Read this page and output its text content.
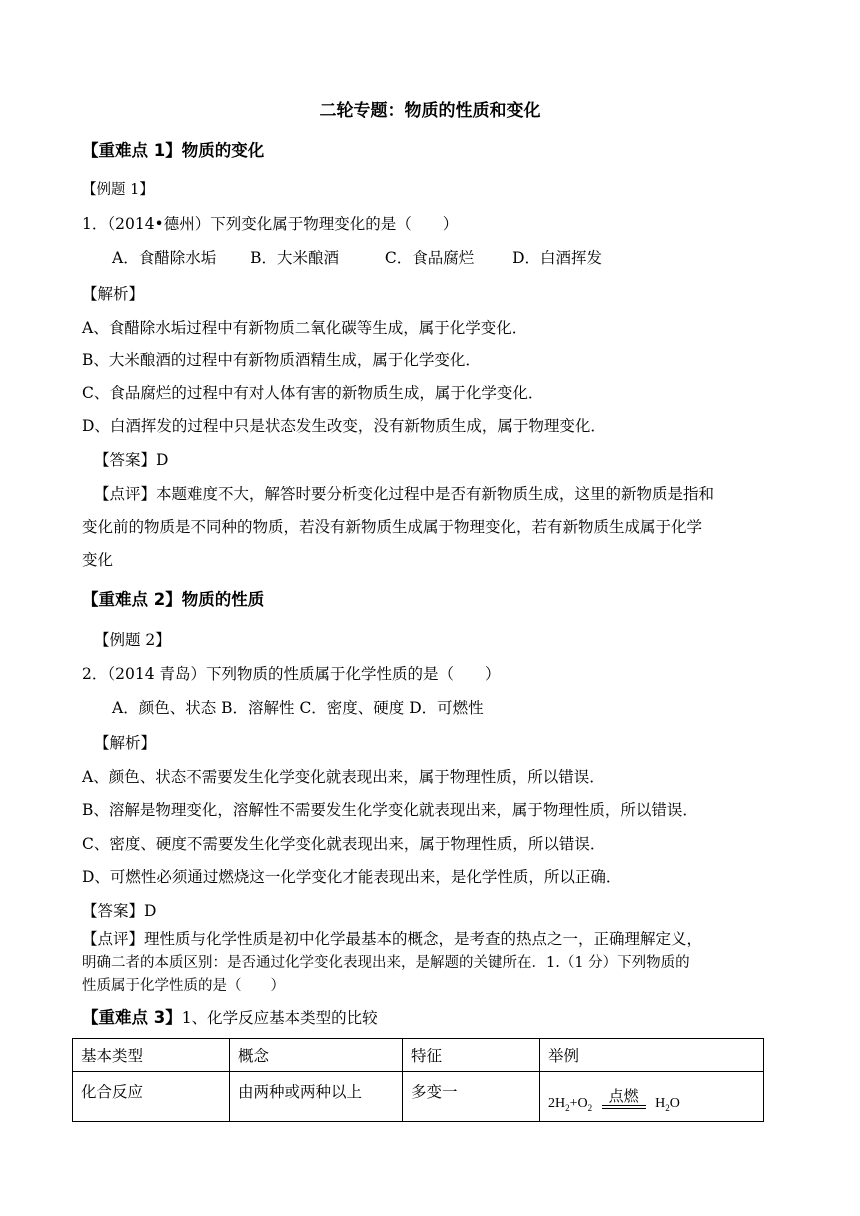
二轮专题：物质的性质和变化
【重难点 1】物质的变化
【例题 1】
1．（2014•德州）下列变化属于物理变化的是（　　）
A．食醋除水垢 B．大米酿酒	C．食品腐烂 D．白酒挥发
【解析】
A、食醋除水垢过程中有新物质二氧化碳等生成，属于化学变化．
B、大米酿酒的过程中有新物质酒精生成，属于化学变化．
C、食品腐烂的过程中有对人体有害的新物质生成，属于化学变化．
D、白酒挥发的过程中只是状态发生改变，没有新物质生成，属于物理变化．
【答案】D
【点评】本题难度不大，解答时要分析变化过程中是否有新物质生成，这里的新物质是指和
变化前的物质是不同种的物质，若没有新物质生成属于物理变化，若有新物质生成属于化学
变化
【重难点 2】物质的性质
【例题 2】
2．（2014 青岛）下列物质的性质属于化学性质的是（　　）
A．颜色、状态 B．溶解性 C．密度、硬度 D．可燃性
【解析】
A、颜色、状态不需要发生化学变化就表现出来，属于物理性质，所以错误．
B、溶解是物理变化，溶解性不需要发生化学变化就表现出来，属于物理性质，所以错误．
C、密度、硬度不需要发生化学变化就表现出来，属于物理性质，所以错误．
D、可燃性必须通过燃烧这一化学变化才能表现出来，是化学性质，所以正确．
【答案】D
【点评】理性质与化学性质是初中化学最基本的概念，是考查的热点之一，正确理解定义，
明确二者的本质区别：是否通过化学变化表现出来，是解题的关键所在．1.（1 分）下列物质的
性质属于化学性质的是（　　）
【重难点 3】1、化学反应基本类型的比较
基本类型	概念	特征	举例
化合反应	由两种或两种以上	多变一	$2H_2+O_2$
点燃 $H_2O$
